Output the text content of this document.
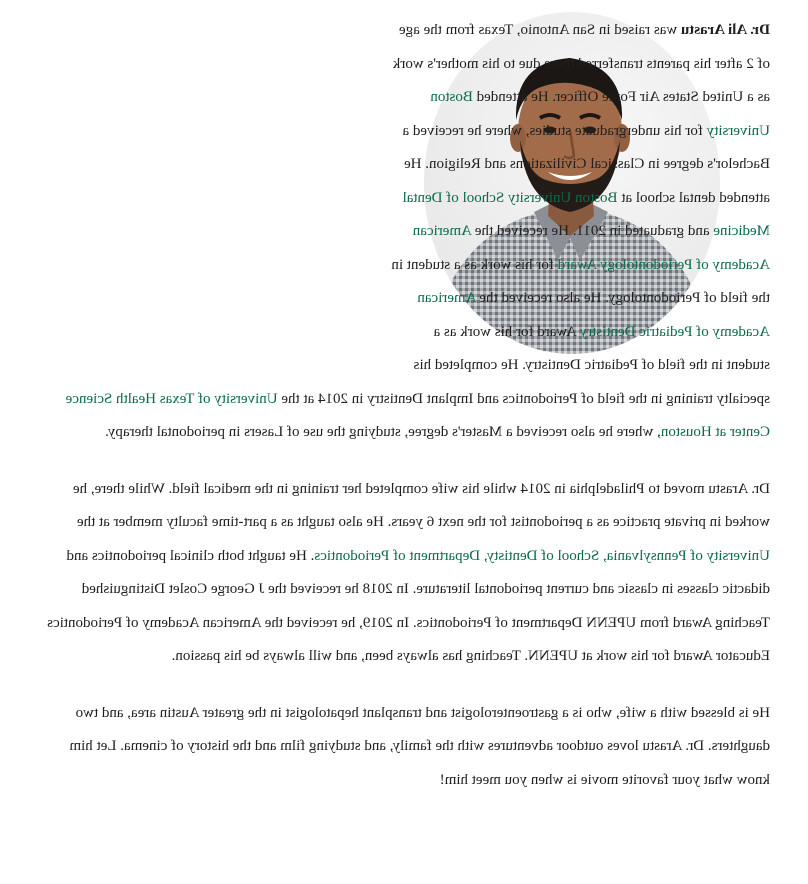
Dr. Ali Arastu was raised in San Antonio, Texas from the age of 2 after his parents transferred there due to his mother's work as a United States Air Force Officer. He attended Boston University for his undergraduate studies, where he received a Bachelor's degree in Classical Civilizations and Religion. He attended dental school at Boston University School of Dental Medicine and graduated in 2011. He received the American Academy of Periodontology Award for his work as a student in the field of Periodontology. He also received the American Academy of Pediatric Dentistry Award for his work as a student in the field of Pediatric Dentistry. He completed his specialty training in the field of Periodontics and Implant Dentistry in 2014 at the University of Texas Health Science Center at Houston, where he also received a Master's degree, studying the use of Lasers in periodontal therapy.

Dr. Arastu moved to Philadelphia in 2014 while his wife completed her training in the medical field. While there, he worked in private practice as a periodontist for the next 6 years. He also taught as a part-time faculty member at the University of Pennsylvania, School of Dentisty, Department of Periodontics. He taught both clinical periodontics and didactic classes in classic and current periodontal literature. In 2018 he received the J George Coslet Distinguished Teaching Award from UPENN Department of Periodontics. In 2019, he received the American Academy of Periodontics Educator Award for his work at UPENN. Teaching has always been, and will always be his passion.

He is blessed with a wife, who is a gastroenterologist and transplant hepatologist in the greater Austin area, and two daughters. Dr. Arastu loves outdoor adventures with the family, and studying film and the history of cinema. Let him know what your favorite movie is when you meet him!
